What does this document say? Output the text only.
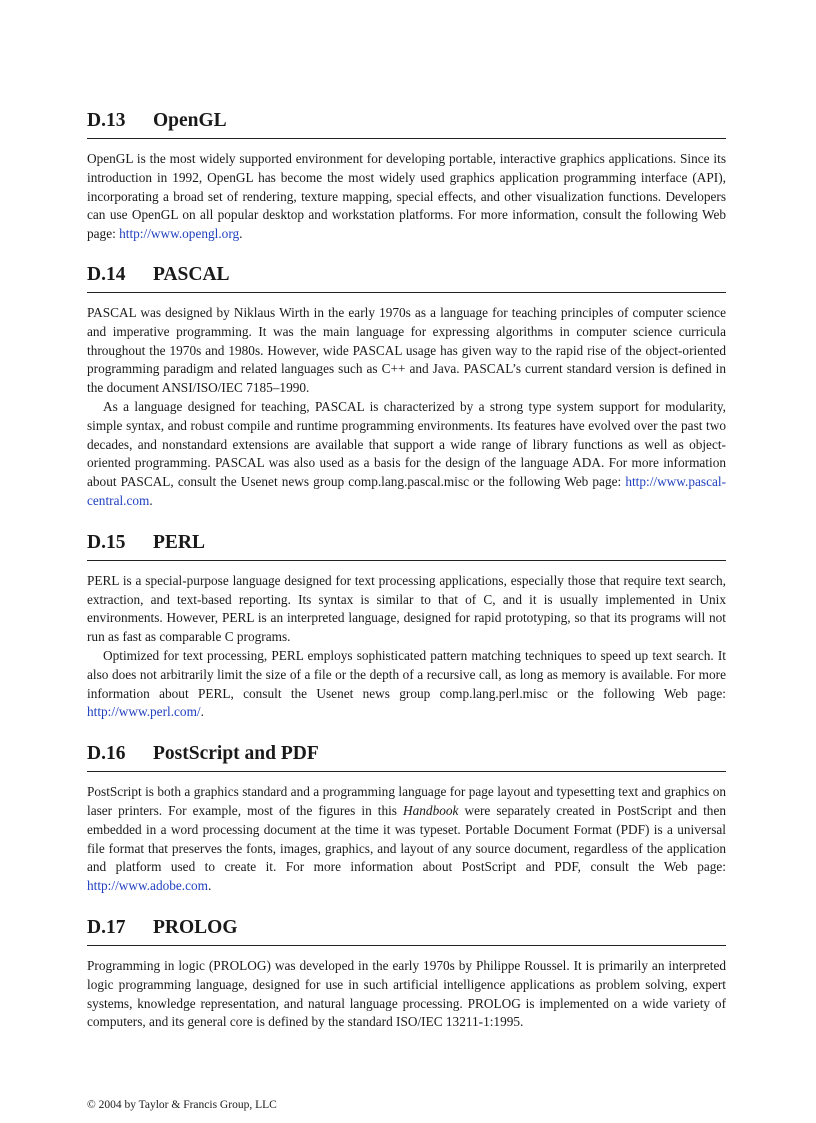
D.13	OpenGL

OpenGL is the most widely supported environment for developing portable, interactive graphics applications. Since its introduction in 1992, OpenGL has become the most widely used graphics application programming interface (API), incorporating a broad set of rendering, texture mapping, special effects, and other visualization functions. Developers can use OpenGL on all popular desktop and workstation platforms. For more information, consult the following Web page: http://www.opengl.org.

D.14	PASCAL

PASCAL was designed by Niklaus Wirth in the early 1970s as a language for teaching principles of computer science and imperative programming. It was the main language for expressing algorithms in computer science curricula throughout the 1970s and 1980s. However, wide PASCAL usage has given way to the rapid rise of the object-oriented programming paradigm and related languages such as C++ and Java. PASCAL’s current standard version is defined in the document ANSI/ISO/IEC 7185–1990.

As a language designed for teaching, PASCAL is characterized by a strong type system support for modularity, simple syntax, and robust compile and runtime programming environments. Its features have evolved over the past two decades, and nonstandard extensions are available that support a wide range of library functions as well as object-oriented programming. PASCAL was also used as a basis for the design of the language ADA. For more information about PASCAL, consult the Usenet news group comp.lang.pascal.misc or the following Web page: http://www.pascal-central.com.

D.15	PERL

PERL is a special-purpose language designed for text processing applications, especially those that require text search, extraction, and text-based reporting. Its syntax is similar to that of C, and it is usually implemented in Unix environments. However, PERL is an interpreted language, designed for rapid prototyping, so that its programs will not run as fast as comparable C programs.

Optimized for text processing, PERL employs sophisticated pattern matching techniques to speed up text search. It also does not arbitrarily limit the size of a file or the depth of a recursive call, as long as memory is available. For more information about PERL, consult the Usenet news group comp.lang.perl.misc or the following Web page: http://www.perl.com/.

D.16	PostScript and PDF

PostScript is both a graphics standard and a programming language for page layout and typesetting text and graphics on laser printers. For example, most of the figures in this Handbook were separately created in PostScript and then embedded in a word processing document at the time it was typeset. Portable Document Format (PDF) is a universal file format that preserves the fonts, images, graphics, and layout of any source document, regardless of the application and platform used to create it. For more information about PostScript and PDF, consult the Web page: http://www.adobe.com.

D.17	PROLOG

Programming in logic (PROLOG) was developed in the early 1970s by Philippe Roussel. It is primarily an interpreted logic programming language, designed for use in such artificial intelligence applications as problem solving, expert systems, knowledge representation, and natural language processing. PROLOG is implemented on a wide variety of computers, and its general core is defined by the standard ISO/IEC 13211-1:1995.

© 2004 by Taylor & Francis Group, LLC
